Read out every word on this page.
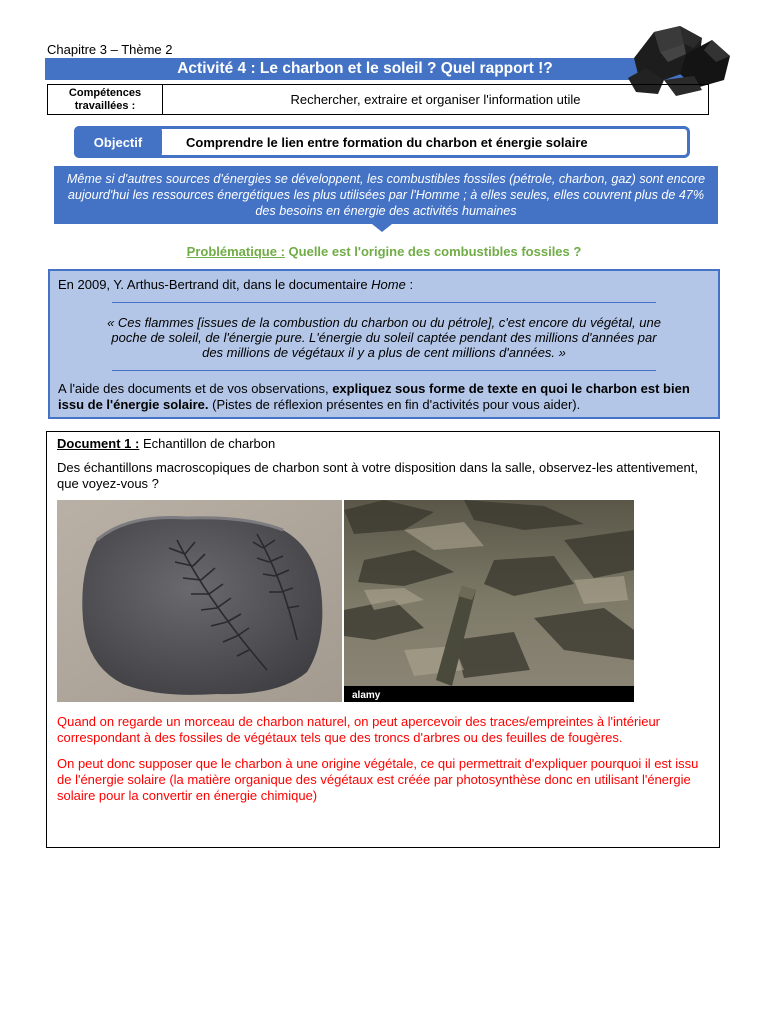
Chapitre 3 – Thème 2
Activité 4 : Le charbon et le soleil ? Quel rapport !?
Compétences travaillées :	Rechercher, extraire et organiser l'information utile
Objectif	Comprendre le lien entre formation du charbon et énergie solaire
Même si d'autres sources d'énergies se développent, les combustibles fossiles (pétrole, charbon, gaz) sont encore aujourd'hui les ressources énergétiques les plus utilisées par l'Homme ; à elles seules, elles couvrent plus de 47% des besoins en énergie des activités humaines
Problématique : Quelle est l'origine des combustibles fossiles ?
En 2009, Y. Arthus-Bertrand dit, dans le documentaire Home :
« Ces flammes [issues de la combustion du charbon ou du pétrole], c'est encore du végétal, une poche de soleil, de l'énergie pure. L'énergie du soleil captée pendant des millions d'années par des millions de végétaux il y a plus de cent millions d'années. »
A l'aide des documents et de vos observations, expliquez sous forme de texte en quoi le charbon est bien issu de l'énergie solaire. (Pistes de réflexion présentes en fin d'activités pour vous aider).
Document 1 : Echantillon de charbon
Des échantillons macroscopiques de charbon sont à votre disposition dans la salle, observez-les attentivement, que voyez-vous ?
alamy
Quand on regarde un morceau de charbon naturel, on peut apercevoir des traces/empreintes à l'intérieur correspondant à des fossiles de végétaux tels que des troncs d'arbres ou des feuilles de fougères.
On peut donc supposer que le charbon à une origine végétale, ce qui permettrait d'expliquer pourquoi il est issu de l'énergie solaire (la matière organique des végétaux est créée par photosynthèse donc en utilisant l'énergie solaire pour la convertir en énergie chimique)
